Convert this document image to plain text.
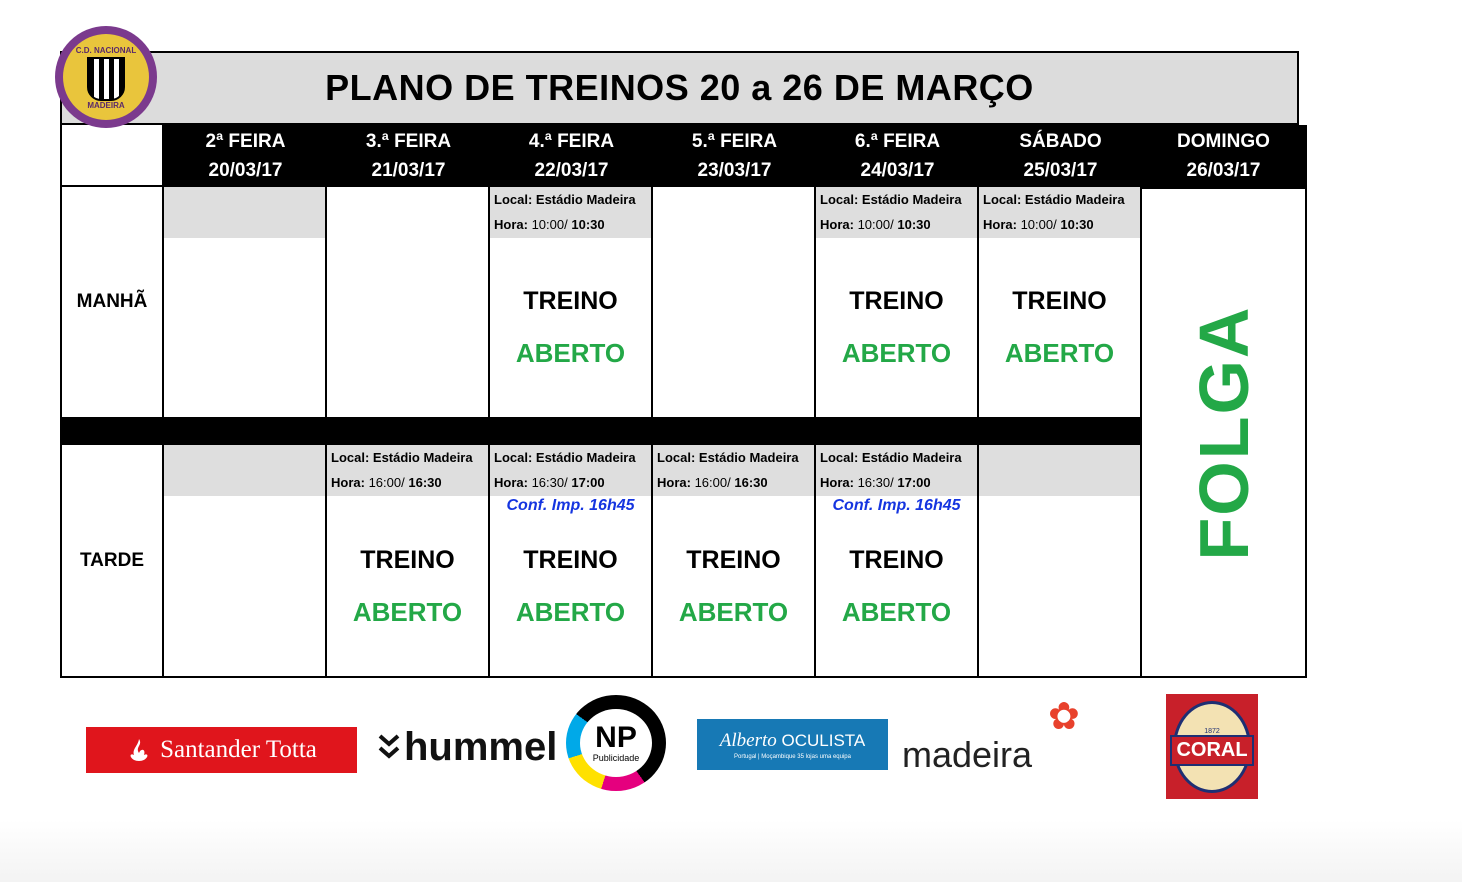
PLANO DE TREINOS 20 a 26 DE MARÇO
2ª FEIRA
20/03/17
3.ª FEIRA
21/03/17
4.ª FEIRA
22/03/17
5.ª FEIRA
23/03/17
6.ª FEIRA
24/03/17
SÁBADO
25/03/17
DOMINGO
26/03/17
MANHÃ
Local: Estádio Madeira
Hora: 10:00/ 10:30
TREINO
ABERTO
Local: Estádio Madeira
Hora: 10:00/ 10:30
TREINO
ABERTO
Local: Estádio Madeira
Hora: 10:00/ 10:30
TREINO
ABERTO	FOLGA
TARDE
Local: Estádio Madeira
Hora: 16:00/ 16:30
TREINO
ABERTO
Local: Estádio Madeira
Hora: 16:30/ 17:00
Conf. Imp. 16h45
TREINO
ABERTO
Local: Estádio Madeira
Hora: 16:00/ 16:30
TREINO
ABERTO
Local: Estádio Madeira
Hora: 16:30/ 17:00
Conf. Imp. 16h45
TREINO
ABERTO
C.D. NACIONAL
MADEIRA
Santander Totta hummel NP
Publicidade
Alberto OCULISTA
Portugal | Moçambique 35 lojas uma equipa
✿
madeira
1872
CORAL
